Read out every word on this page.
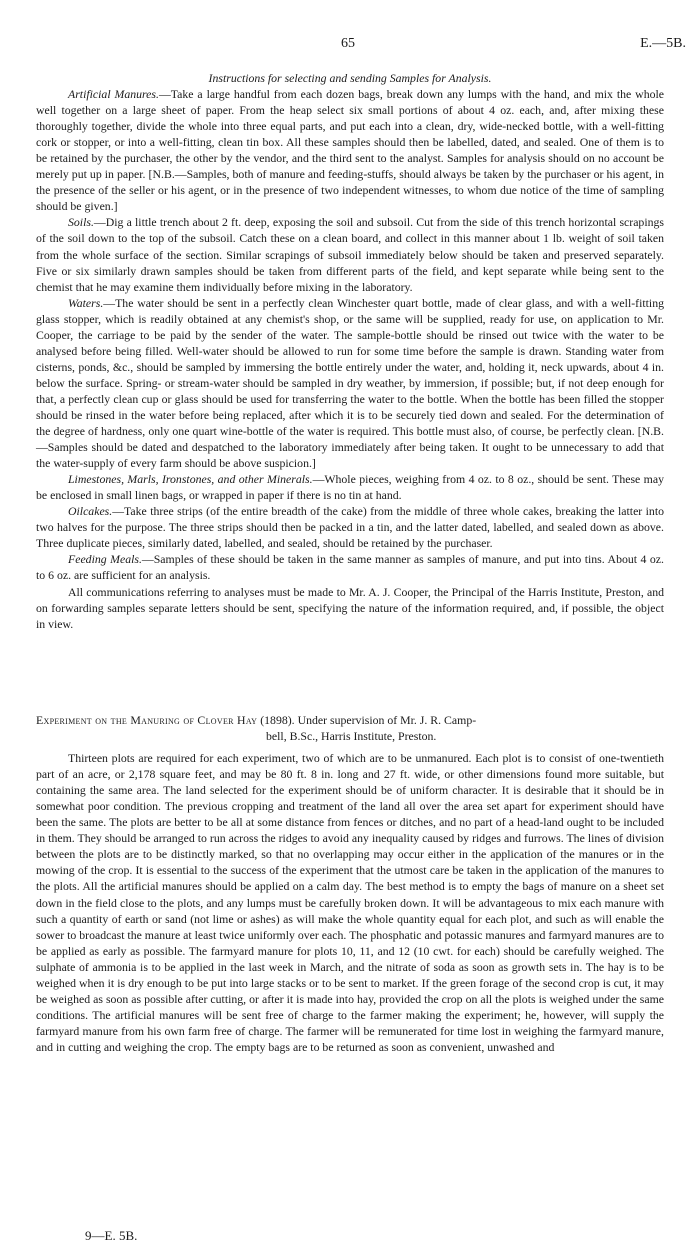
65	E.—5B.

Instructions for selecting and sending Samples for Analysis.

Artificial Manures.—Take a large handful from each dozen bags, break down any lumps with the hand, and mix the whole well together on a large sheet of paper. From the heap select six small portions of about 4 oz. each, and, after mixing these thoroughly together, divide the whole into three equal parts, and put each into a clean, dry, wide-necked bottle, with a well-fitting cork or stopper, or into a well-fitting, clean tin box. All these samples should then be labelled, dated, and sealed. One of them is to be retained by the purchaser, the other by the vendor, and the third sent to the analyst. Samples for analysis should on no account be merely put up in paper. [N.B.—Samples, both of manure and feeding-stuffs, should always be taken by the purchaser or his agent, in the presence of the seller or his agent, or in the presence of two independent witnesses, to whom due notice of the time of sampling should be given.]

Soils.—Dig a little trench about 2 ft. deep, exposing the soil and subsoil. Cut from the side of this trench horizontal scrapings of the soil down to the top of the subsoil. Catch these on a clean board, and collect in this manner about 1 lb. weight of soil taken from the whole surface of the section. Similar scrapings of subsoil immediately below should be taken and preserved separately. Five or six similarly drawn samples should be taken from different parts of the field, and kept separate while being sent to the chemist that he may examine them individually before mixing in the laboratory.

Waters.—The water should be sent in a perfectly clean Winchester quart bottle, made of clear glass, and with a well-fitting glass stopper, which is readily obtained at any chemist's shop, or the same will be supplied, ready for use, on application to Mr. Cooper, the carriage to be paid by the sender of the water. The sample-bottle should be rinsed out twice with the water to be analysed before being filled. Well-water should be allowed to run for some time before the sample is drawn. Standing water from cisterns, ponds, &c., should be sampled by immersing the bottle entirely under the water, and, holding it, neck upwards, about 4 in. below the surface. Spring- or stream-water should be sampled in dry weather, by immersion, if possible; but, if not deep enough for that, a perfectly clean cup or glass should be used for transferring the water to the bottle. When the bottle has been filled the stopper should be rinsed in the water before being replaced, after which it is to be securely tied down and sealed. For the determination of the degree of hardness, only one quart wine-bottle of the water is required. This bottle must also, of course, be perfectly clean. [N.B.—Samples should be dated and despatched to the laboratory immediately after being taken. It ought to be unnecessary to add that the water-supply of every farm should be above suspicion.]

Limestones, Marls, Ironstones, and other Minerals.—Whole pieces, weighing from 4 oz. to 8 oz., should be sent. These may be enclosed in small linen bags, or wrapped in paper if there is no tin at hand.

Oilcakes.—Take three strips (of the entire breadth of the cake) from the middle of three whole cakes, breaking the latter into two halves for the purpose. The three strips should then be packed in a tin, and the latter dated, labelled, and sealed down as above. Three duplicate pieces, similarly dated, labelled, and sealed, should be retained by the purchaser.

Feeding Meals.—Samples of these should be taken in the same manner as samples of manure, and put into tins. About 4 oz. to 6 oz. are sufficient for an analysis.

All communications referring to analyses must be made to Mr. A. J. Cooper, the Principal of the Harris Institute, Preston, and on forwarding samples separate letters should be sent, specifying the nature of the information required, and, if possible, the object in view.

Experiment on the Manuring of Clover Hay (1898). Under supervision of Mr. J. R. Camp-
bell, B.Sc., Harris Institute, Preston.

Thirteen plots are required for each experiment, two of which are to be unmanured. Each plot is to consist of one-twentieth part of an acre, or 2,178 square feet, and may be 80 ft. 8 in. long and 27 ft. wide, or other dimensions found more suitable, but containing the same area. The land selected for the experiment should be of uniform character. It is desirable that it should be in somewhat poor condition. The previous cropping and treatment of the land all over the area set apart for experiment should have been the same. The plots are better to be all at some distance from fences or ditches, and no part of a head-land ought to be included in them. They should be arranged to run across the ridges to avoid any inequality caused by ridges and furrows. The lines of division between the plots are to be distinctly marked, so that no overlapping may occur either in the application of the manures or in the mowing of the crop. It is essential to the success of the experiment that the utmost care be taken in the application of the manures to the plots. All the artificial manures should be applied on a calm day. The best method is to empty the bags of manure on a sheet set down in the field close to the plots, and any lumps must be carefully broken down. It will be advantageous to mix each manure with such a quantity of earth or sand (not lime or ashes) as will make the whole quantity equal for each plot, and such as will enable the sower to broadcast the manure at least twice uniformly over each. The phosphatic and potassic manures and farmyard manures are to be applied as early as possible. The farmyard manure for plots 10, 11, and 12 (10 cwt. for each) should be carefully weighed. The sulphate of ammonia is to be applied in the last week in March, and the nitrate of soda as soon as growth sets in. The hay is to be weighed when it is dry enough to be put into large stacks or to be sent to market. If the green forage of the second crop is cut, it may be weighed as soon as possible after cutting, or after it is made into hay, provided the crop on all the plots is weighed under the same conditions. The artificial manures will be sent free of charge to the farmer making the experiment; he, however, will supply the farmyard manure from his own farm free of charge. The farmer will be remunerated for time lost in weighing the farmyard manure, and in cutting and weighing the crop. The empty bags are to be returned as soon as convenient, unwashed and

9—E. 5B.
